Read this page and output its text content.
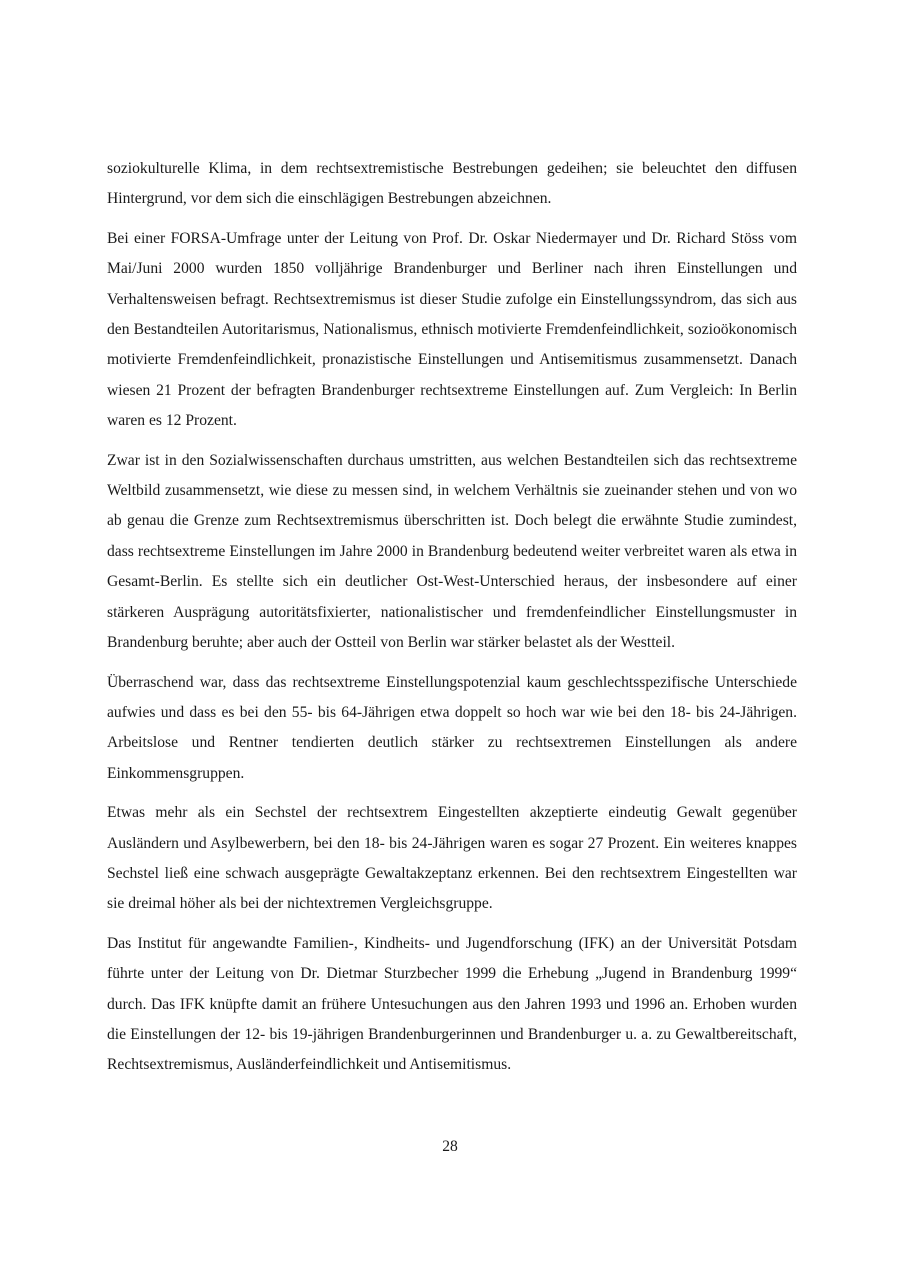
soziokulturelle Klima, in dem rechtsextremistische Bestrebungen gedeihen; sie beleuchtet den diffusen Hintergrund, vor dem sich die einschlägigen Bestrebungen abzeichnen.

Bei einer FORSA-Umfrage unter der Leitung von Prof. Dr. Oskar Niedermayer und Dr. Richard Stöss vom Mai/Juni 2000 wurden 1850 volljährige Brandenburger und Berliner nach ihren Einstellungen und Verhaltensweisen befragt. Rechtsextremismus ist dieser Studie zufolge ein Einstellungssyndrom, das sich aus den Bestandteilen Autoritarismus, Nationalismus, ethnisch motivierte Fremdenfeindlichkeit, sozioökonomisch motivierte Fremdenfeindlichkeit, pronazistische Einstellungen und Antisemitismus zusammensetzt. Danach wiesen 21 Prozent der befragten Brandenburger rechtsextreme Einstellungen auf. Zum Vergleich: In Berlin waren es 12 Prozent.

Zwar ist in den Sozialwissenschaften durchaus umstritten, aus welchen Bestandteilen sich das rechtsextreme Weltbild zusammensetzt, wie diese zu messen sind, in welchem Verhältnis sie zueinander stehen und von wo ab genau die Grenze zum Rechtsextremismus überschritten ist. Doch belegt die erwähnte Studie zumindest, dass rechtsextreme Einstellungen im Jahre 2000 in Brandenburg bedeutend weiter verbreitet waren als etwa in Gesamt-Berlin. Es stellte sich ein deutlicher Ost-West-Unterschied heraus, der insbesondere auf einer stärkeren Ausprägung autoritätsfixierter, nationalistischer und fremdenfeindlicher Einstellungsmuster in Brandenburg beruhte; aber auch der Ostteil von Berlin war stärker belastet als der Westteil.

Überraschend war, dass das rechtsextreme Einstellungspotenzial kaum geschlechtsspezifische Unterschiede aufwies und dass es bei den 55- bis 64-Jährigen etwa doppelt so hoch war wie bei den 18- bis 24-Jährigen. Arbeitslose und Rentner tendierten deutlich stärker zu rechtsextremen Einstellungen als andere Einkommensgruppen.

Etwas mehr als ein Sechstel der rechtsextrem Eingestellten akzeptierte eindeutig Gewalt gegenüber Ausländern und Asylbewerbern, bei den 18- bis 24-Jährigen waren es sogar 27 Prozent. Ein weiteres knappes Sechstel ließ eine schwach ausgeprägte Gewaltakzeptanz erkennen. Bei den rechtsextrem Eingestellten war sie dreimal höher als bei der nichtextremen Vergleichsgruppe.

Das Institut für angewandte Familien-, Kindheits- und Jugendforschung (IFK) an der Universität Potsdam führte unter der Leitung von Dr. Dietmar Sturzbecher 1999 die Erhebung „Jugend in Brandenburg 1999“ durch. Das IFK knüpfte damit an frühere Untesuchungen aus den Jahren 1993 und 1996 an. Erhoben wurden die Einstellungen der 12- bis 19-jährigen Brandenburgerinnen und Brandenburger u. a. zu Gewaltbereitschaft, Rechtsextremismus, Ausländerfeindlichkeit und Antisemitismus.

28
